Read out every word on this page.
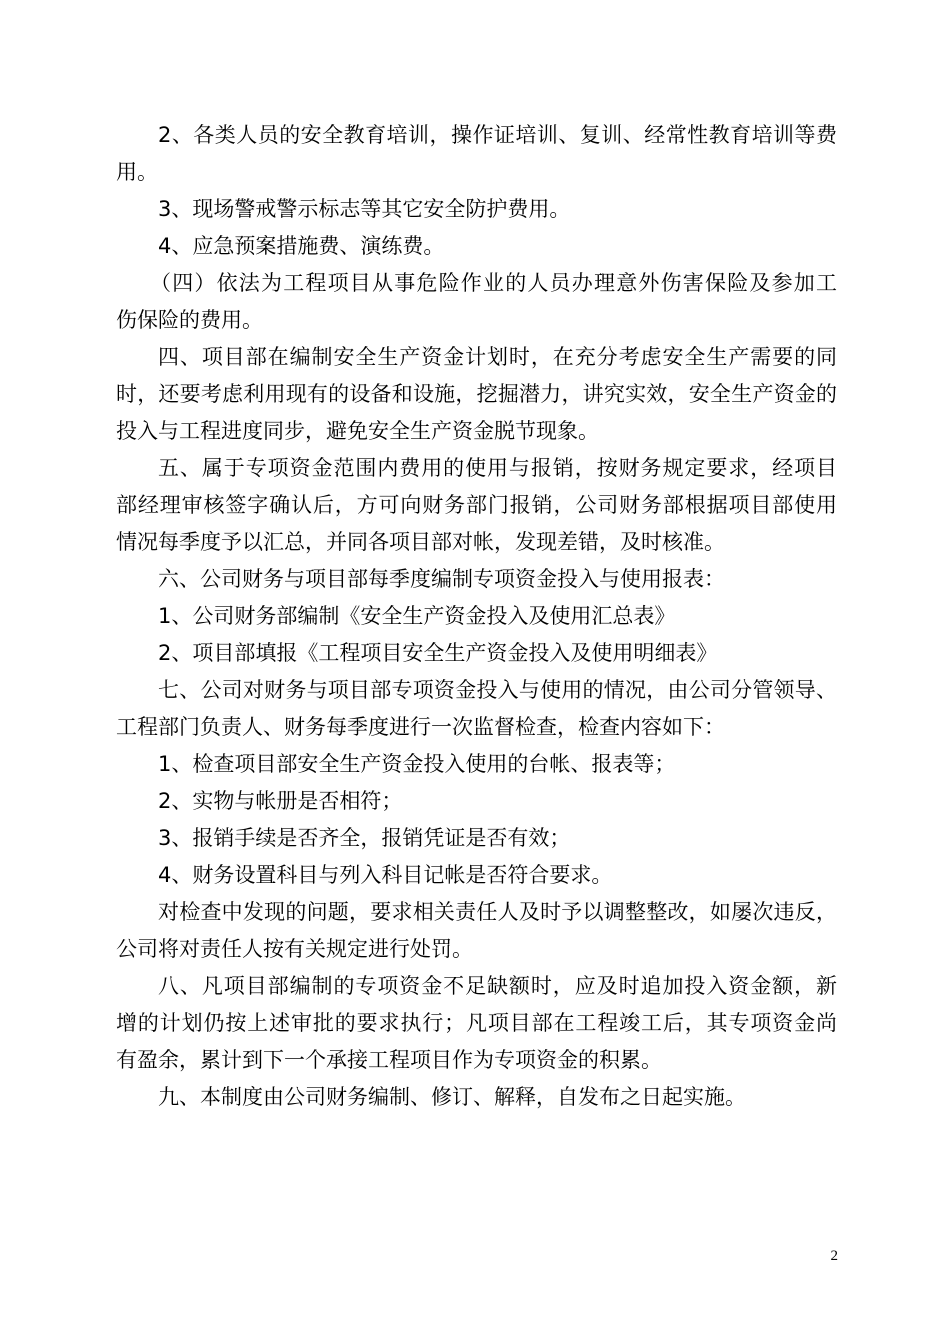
2、各类人员的安全教育培训，操作证培训、复训、经常性教育培训等费

用。

3、现场警戒警示标志等其它安全防护费用。

4、应急预案措施费、演练费。

（四）依法为工程项目从事危险作业的人员办理意外伤害保险及参加工

伤保险的费用。

四、项目部在编制安全生产资金计划时，在充分考虑安全生产需要的同

时，还要考虑利用现有的设备和设施，挖掘潜力，讲究实效，安全生产资金的

投入与工程进度同步，避免安全生产资金脱节现象。

五、属于专项资金范围内费用的使用与报销，按财务规定要求，经项目

部经理审核签字确认后，方可向财务部门报销，公司财务部根据项目部使用

情况每季度予以汇总，并同各项目部对帐，发现差错，及时核准。

六、公司财务与项目部每季度编制专项资金投入与使用报表：

1、公司财务部编制《安全生产资金投入及使用汇总表》

2、项目部填报《工程项目安全生产资金投入及使用明细表》

七、公司对财务与项目部专项资金投入与使用的情况，由公司分管领导、

工程部门负责人、财务每季度进行一次监督检查，检查内容如下：

1、检查项目部安全生产资金投入使用的台帐、报表等；

2、实物与帐册是否相符；

3、报销手续是否齐全，报销凭证是否有效；

4、财务设置科目与列入科目记帐是否符合要求。

对检查中发现的问题，要求相关责任人及时予以调整整改，如屡次违反，

公司将对责任人按有关规定进行处罚。

八、凡项目部编制的专项资金不足缺额时，应及时追加投入资金额，新

增的计划仍按上述审批的要求执行；凡项目部在工程竣工后，其专项资金尚

有盈余，累计到下一个承接工程项目作为专项资金的积累。

九、本制度由公司财务编制、修订、解释，自发布之日起实施。

2
